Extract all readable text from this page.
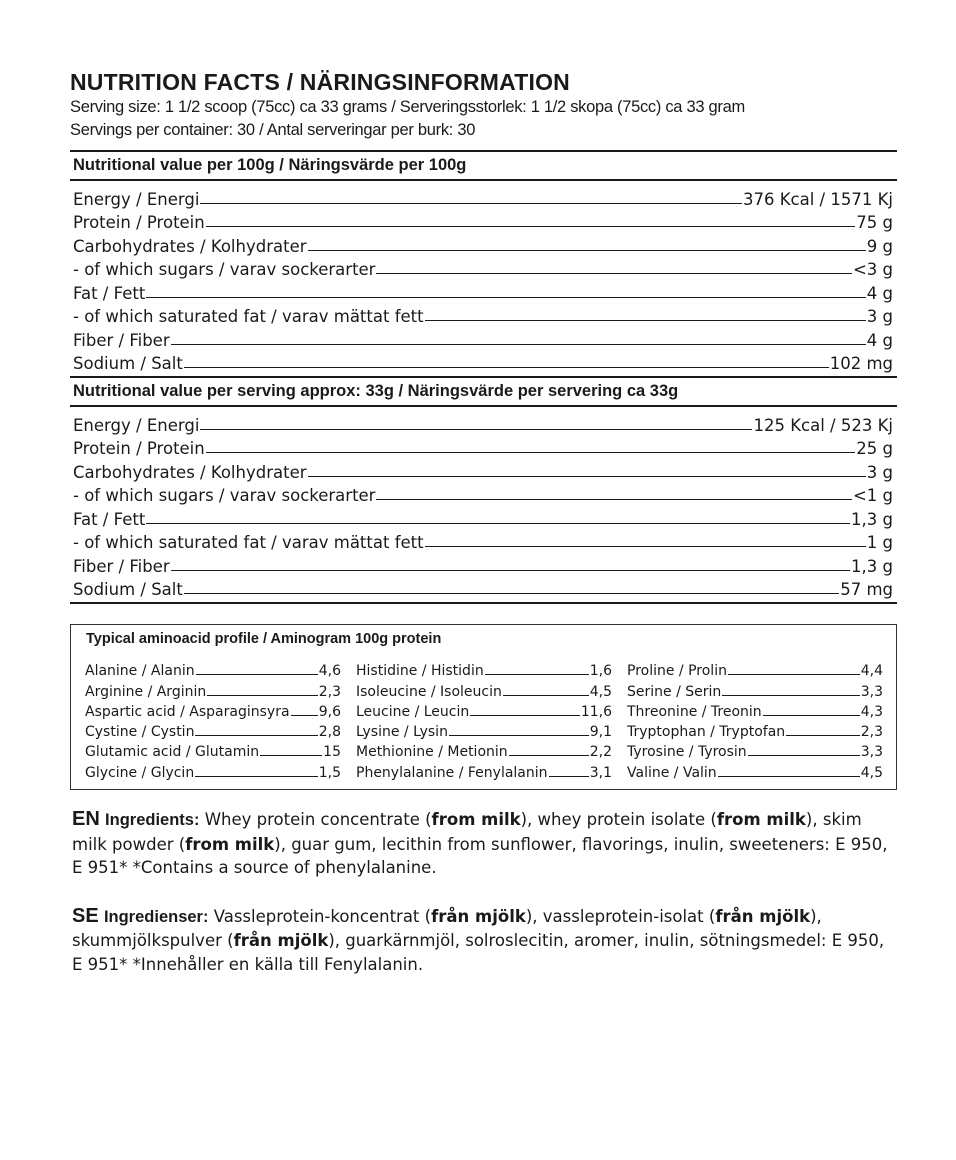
NUTRITION FACTS / NÄRINGSINFORMATION
Serving size: 1 1/2 scoop (75cc) ca 33 grams / Serveringsstorlek: 1 1/2 skopa (75cc) ca 33 gram
Servings per container: 30 / Antal serveringar per burk: 30
Nutritional value per 100g / Näringsvärde per 100g
Energy / Energi	376 Kcal / 1571 Kj
Protein / Protein	75 g
Carbohydrates / Kolhydrater	9 g
- of which sugars / varav sockerarter	<3 g
Fat / Fett	4 g
- of which saturated fat / varav mättat fett	3 g
Fiber / Fiber	4 g
Sodium / Salt	102 mg
Nutritional value per serving approx: 33g / Näringsvärde per servering ca 33g
Energy / Energi	125 Kcal / 523 Kj
Protein / Protein	25 g
Carbohydrates / Kolhydrater	3 g
- of which sugars / varav sockerarter	<1 g
Fat / Fett	1,3 g
- of which saturated fat / varav mättat fett	1 g
Fiber / Fiber	1,3 g
Sodium / Salt	57 mg
Typical aminoacid profile / Aminogram 100g protein
Alanine / Alanin	4,6
Arginine / Arginin	2,3
Aspartic acid / Asparaginsyra 9,6
Cystine / Cystin	2,8
Glutamic acid / Glutamin	15
Glycine / Glycin	1,5
Histidine / Histidin	1,6
Isoleucine / Isoleucin	4,5
Leucine / Leucin	11,6
Lysine / Lysin	9,1
Methionine / Metionin	2,2
Phenylalanine / Fenylalanin	3,1
Proline / Prolin	4,4
Serine / Serin	3,3
Threonine / Treonin	4,3
Tryptophan / Tryptofan	2,3
Tyrosine / Tyrosin	3,3
Valine / Valin	4,5
EN Ingredients: Whey protein concentrate (from milk), whey protein isolate (from milk), skim milk powder (from milk), guar gum, lecithin from sunflower, flavorings, inulin, sweeteners: E 950, E 951* *Contains a source of phenylalanine.
SE Ingredienser: Vassleprotein-koncentrat (från mjölk), vassleprotein-isolat (från mjölk), skummjölkspulver (från mjölk), guarkärnmjöl, solroslecitin, aromer, inulin, sötningsmedel: E 950, E 951* *Innehåller en källa till Fenylalanin.
